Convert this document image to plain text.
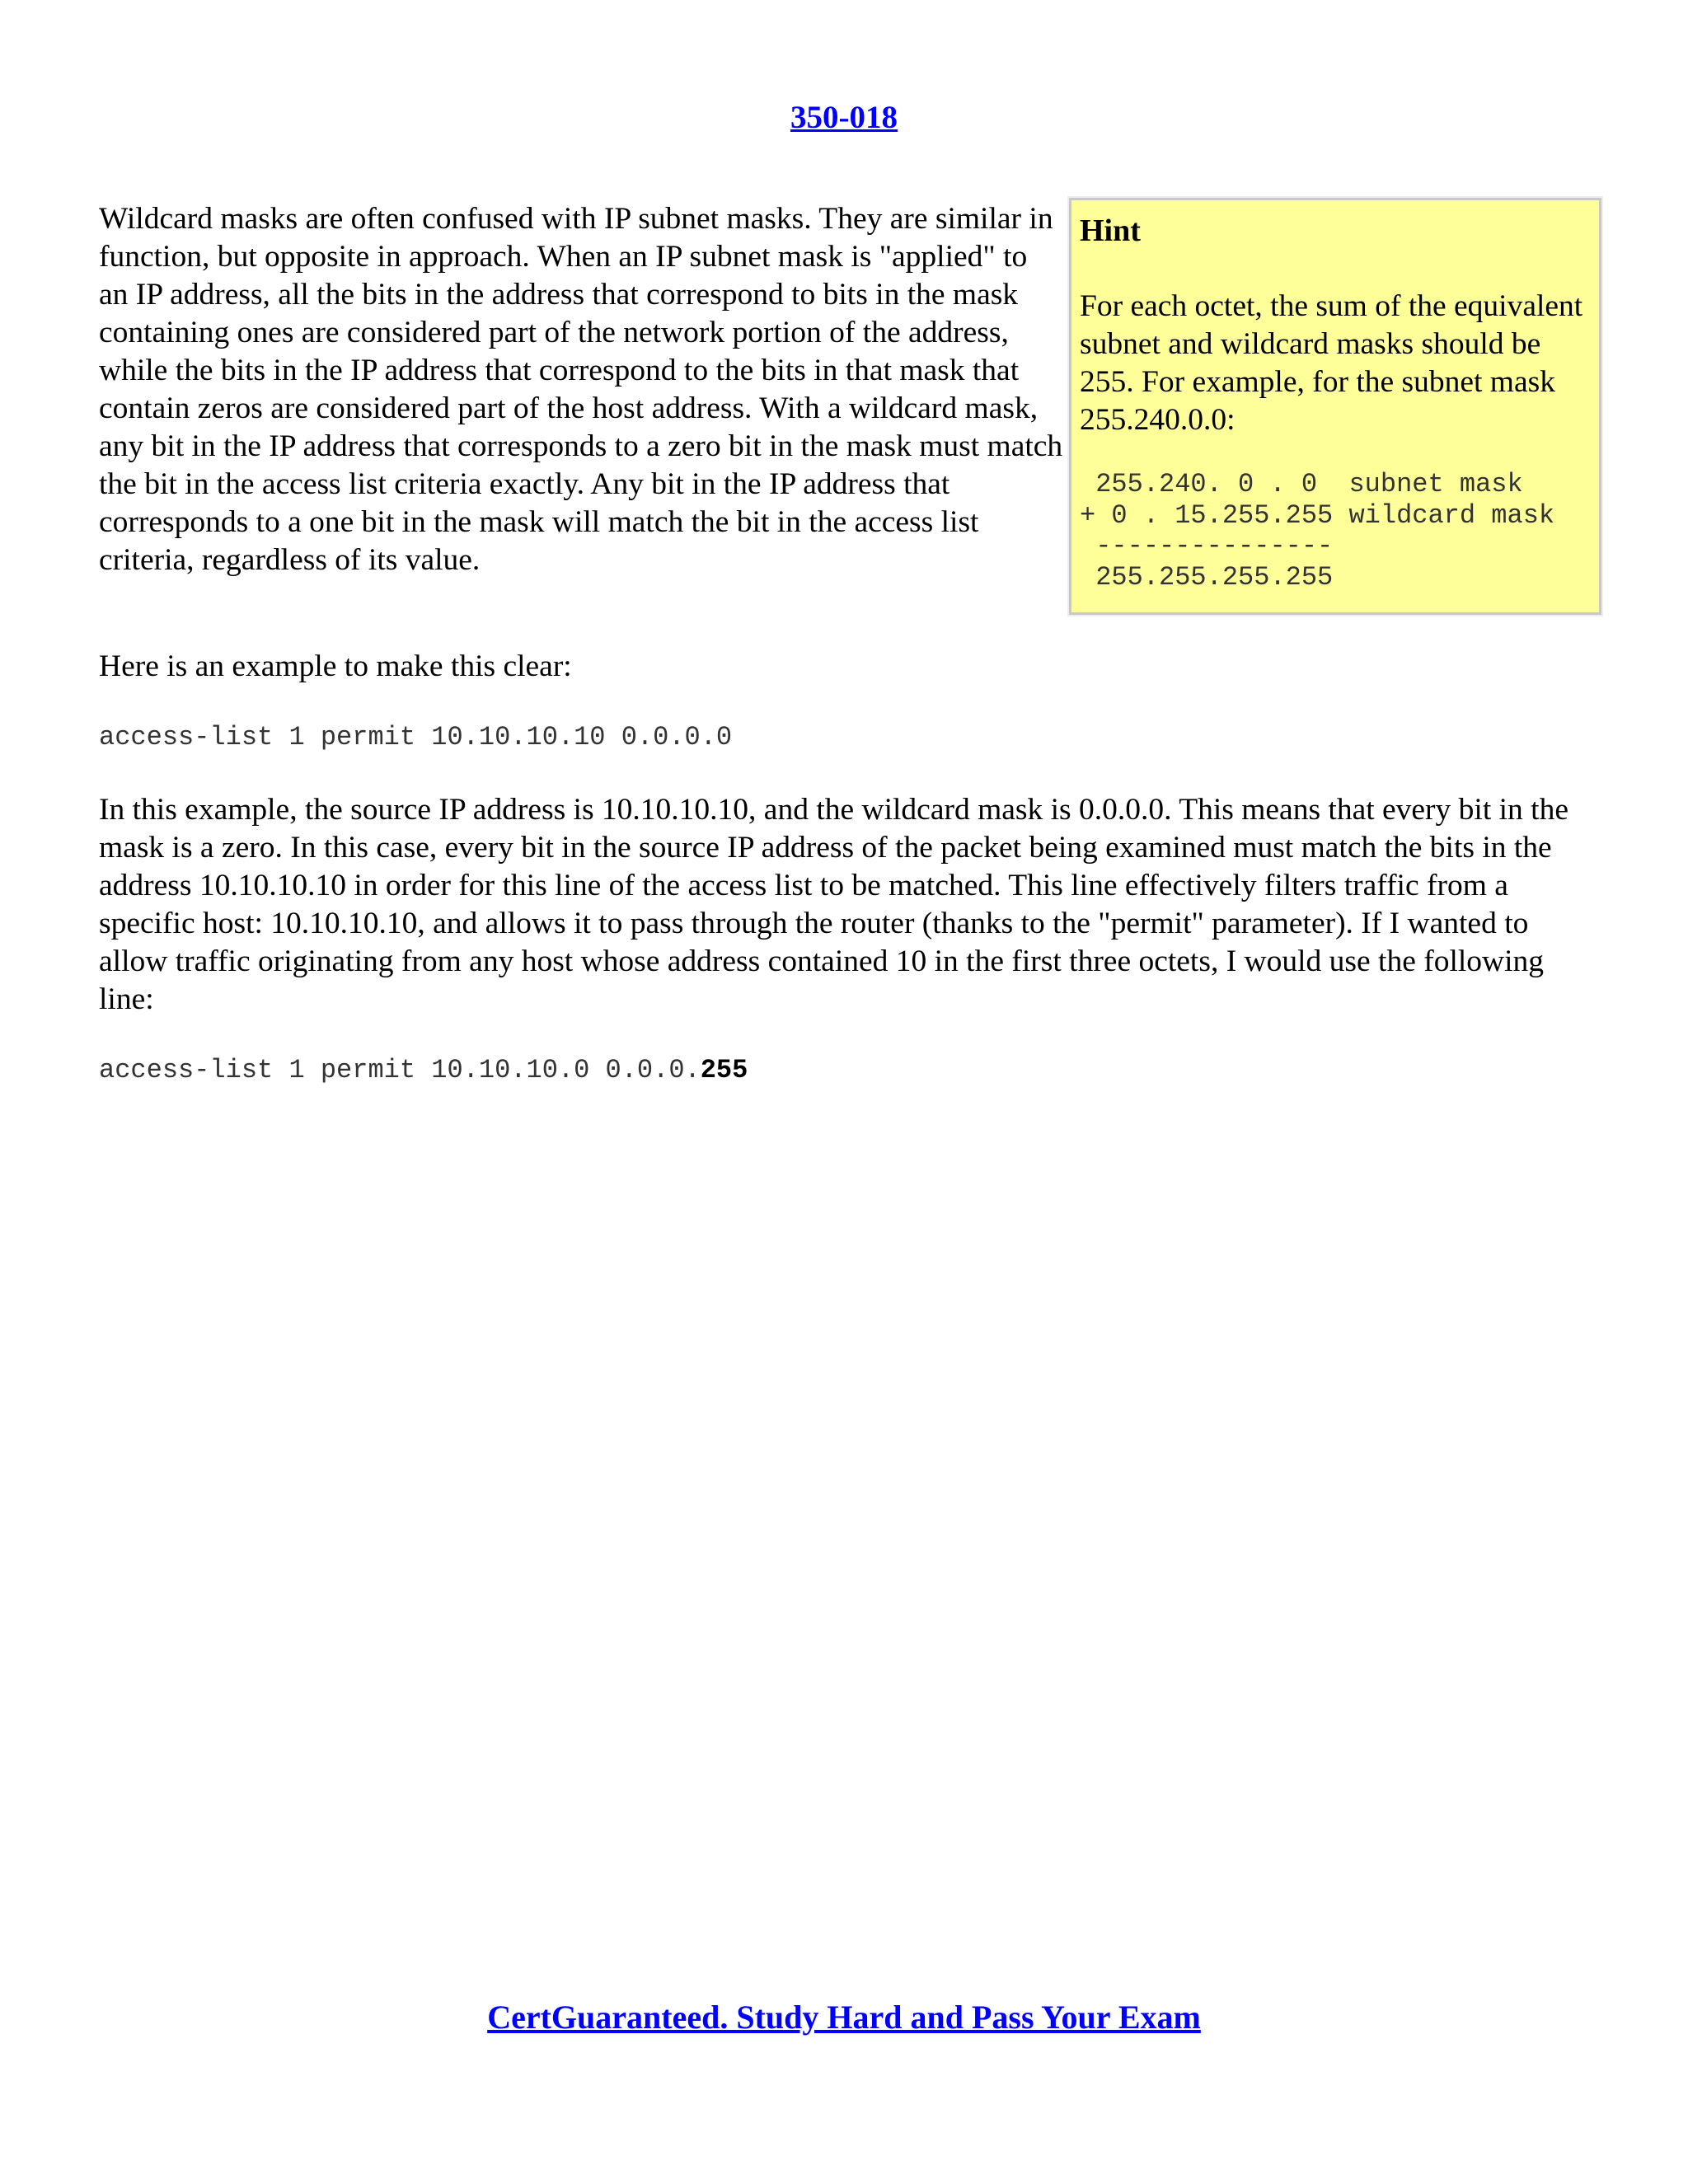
350-018

Wildcard masks are often confused with IP subnet masks. They are similar in function, but opposite in approach. When an IP subnet mask is "applied" to an IP address, all the bits in the address that correspond to bits in the mask containing ones are considered part of the network portion of the address, while the bits in the IP address that correspond to the bits in that mask that contain zeros are considered part of the host address. With a wildcard mask, any bit in the IP address that corresponds to a zero bit in the mask must match the bit in the access list criteria exactly. Any bit in the IP address that corresponds to a one bit in the mask will match the bit in the access list criteria, regardless of its value.

Hint

For each octet, the sum of the equivalent subnet and wildcard masks should be 255. For example, for the subnet mask 255.240.0.0:

255.240. 0 . 0  subnet mask
+ 0 . 15.255.255 wildcard mask
---------------
255.255.255.255

Here is an example to make this clear:

access-list 1 permit 10.10.10.10 0.0.0.0

In this example, the source IP address is 10.10.10.10, and the wildcard mask is 0.0.0.0. This means that every bit in the mask is a zero. In this case, every bit in the source IP address of the packet being examined must match the bits in the address 10.10.10.10 in order for this line of the access list to be matched. This line effectively filters traffic from a specific host: 10.10.10.10, and allows it to pass through the router (thanks to the "permit" parameter). If I wanted to allow traffic originating from any host whose address contained 10 in the first three octets, I would use the following line:

access-list 1 permit 10.10.10.0 0.0.0.255

CertGuaranteed. Study Hard and Pass Your Exam
